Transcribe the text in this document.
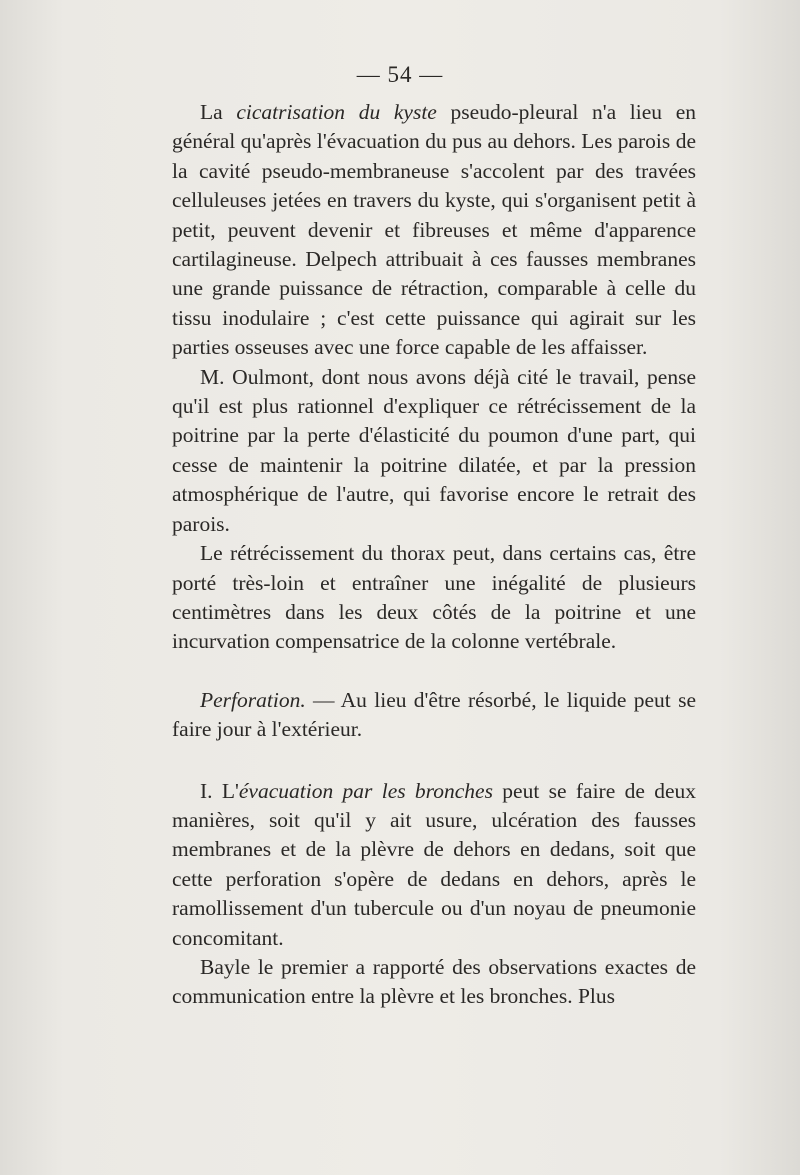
— 54 —

La cicatrisation du kyste pseudo-pleural n'a lieu en général qu'après l'évacuation du pus au dehors. Les parois de la cavité pseudo-membraneuse s'accolent par des travées celluleuses jetées en travers du kyste, qui s'organisent petit à petit, peuvent devenir et fibreuses et même d'apparence cartilagineuse. Delpech attribuait à ces fausses membranes une grande puissance de rétraction, comparable à celle du tissu inodulaire ; c'est cette puissance qui agirait sur les parties osseuses avec une force capable de les affaisser.

M. Oulmont, dont nous avons déjà cité le travail, pense qu'il est plus rationnel d'expliquer ce rétrécissement de la poitrine par la perte d'élasticité du poumon d'une part, qui cesse de maintenir la poitrine dilatée, et par la pression atmosphérique de l'autre, qui favorise encore le retrait des parois.

Le rétrécissement du thorax peut, dans certains cas, être porté très-loin et entraîner une inégalité de plusieurs centimètres dans les deux côtés de la poitrine et une incurvation compensatrice de la colonne vertébrale.

Perforation. — Au lieu d'être résorbé, le liquide peut se faire jour à l'extérieur.

I. L'évacuation par les bronches peut se faire de deux manières, soit qu'il y ait usure, ulcération des fausses membranes et de la plèvre de dehors en dedans, soit que cette perforation s'opère de dedans en dehors, après le ramollissement d'un tubercule ou d'un noyau de pneumonie concomitant.

Bayle le premier a rapporté des observations exactes de communication entre la plèvre et les bronches. Plus
